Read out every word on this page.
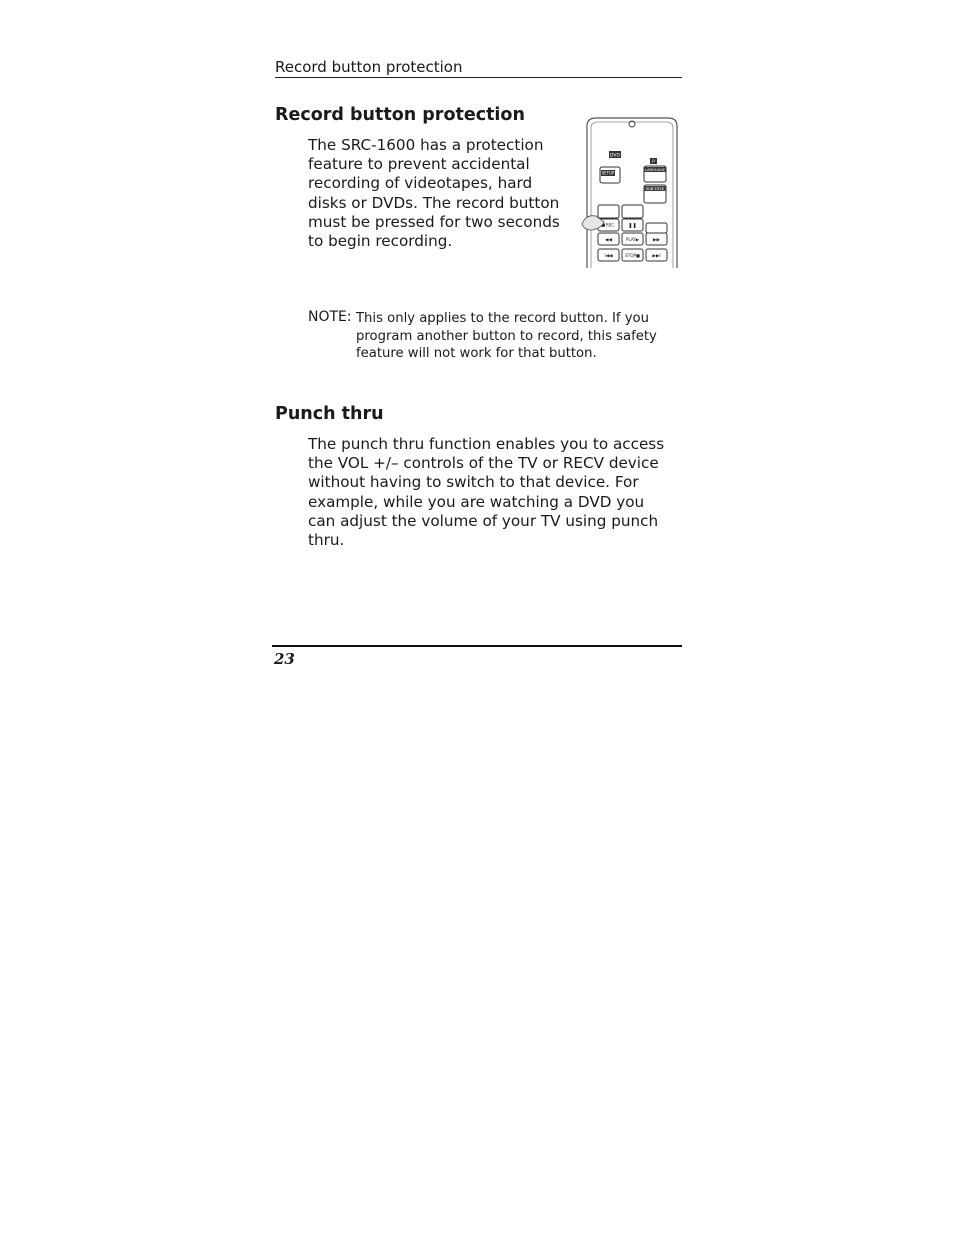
Record button protection
Record button protection

The SRC-1600 has a protection feature to prevent accidental recording of videotapes, hard disks or DVDs. The record button must be pressed for two seconds to begin recording.

DVD
P
SETUP
LANGUAGE
SUB TITLE
REC	❚❚
◀◀	PLAY▶	▶▶
I◀◀	STOP■	▶▶I
NOTE: This only applies to the record button. If you program another button to record, this safety feature will not work for that button.
Punch thru

The punch thru function enables you to access the VOL +/– controls of the TV or RECV device without having to switch to that device. For example, while you are watching a DVD you can adjust the volume of your TV using punch thru.

23
